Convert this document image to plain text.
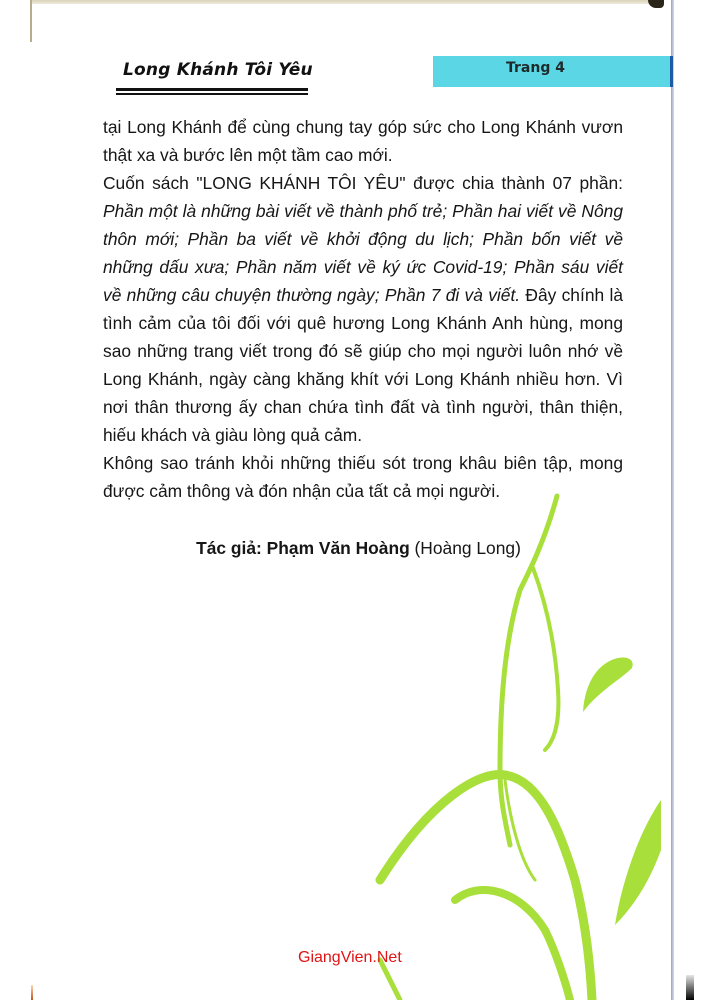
Long Khánh Tôi Yêu	Trang 4

tại Long Khánh để cùng chung tay góp sức cho Long Khánh vươn thật xa và bước lên một tầm cao mới.

Cuốn sách "LONG KHÁNH TÔI YÊU" được chia thành 07 phần: Phần một là những bài viết về thành phố trẻ; Phần hai viết về Nông thôn mới; Phần ba viết về khởi động du lịch; Phần bốn viết về những dấu xưa; Phần năm viết về ký ức Covid-19; Phần sáu viết về những câu chuyện thường ngày; Phần 7 đi và viết. Đây chính là tình cảm của tôi đối với quê hương Long Khánh Anh hùng, mong sao những trang viết trong đó sẽ giúp cho mọi người luôn nhớ về Long Khánh, ngày càng khăng khít với Long Khánh nhiều hơn. Vì nơi thân thương ấy chan chứa tình đất và tình người, thân thiện, hiếu khách và giàu lòng quả cảm.

Không sao tránh khỏi những thiếu sót trong khâu biên tập, mong được cảm thông và đón nhận của tất cả mọi người.

Tác giả: Phạm Văn Hoàng (Hoàng Long)
GiangVien.Net
